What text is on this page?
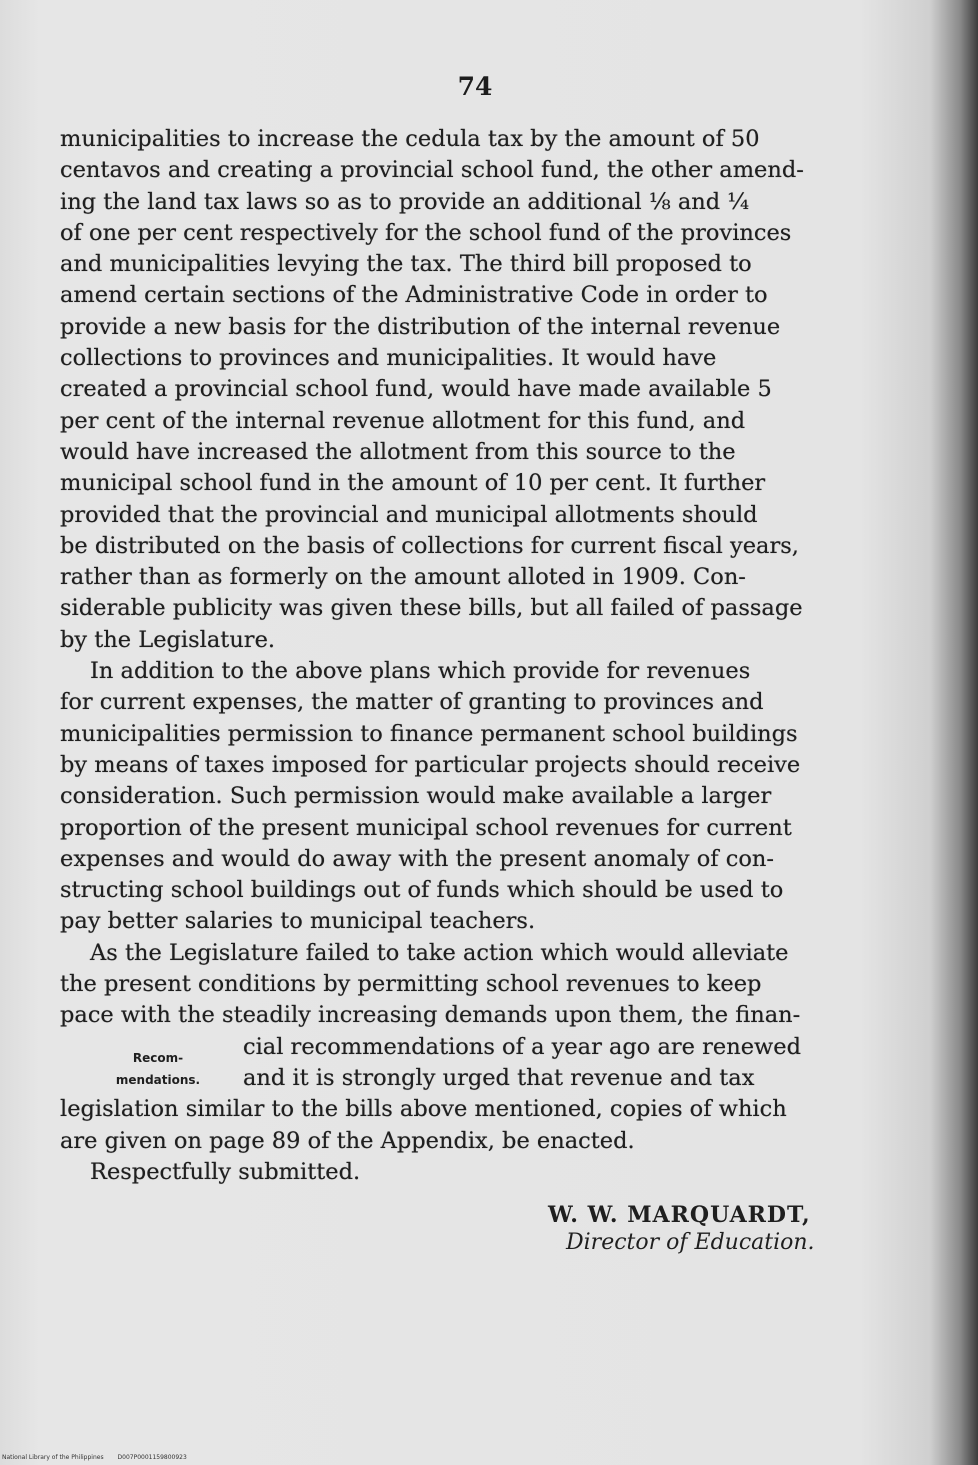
74

municipalities to increase the cedula tax by the amount of 50
centavos and creating a provincial school fund, the other amend-
ing the land tax laws so as to provide an additional ⅛ and ¼
of one per cent respectively for the school fund of the provinces
and municipalities levying the tax. The third bill proposed to
amend certain sections of the Administrative Code in order to
provide a new basis for the distribution of the internal revenue
collections to provinces and municipalities. It would have
created a provincial school fund, would have made available 5
per cent of the internal revenue allotment for this fund, and
would have increased the allotment from this source to the
municipal school fund in the amount of 10 per cent. It further
provided that the provincial and municipal allotments should
be distributed on the basis of collections for current fiscal years,
rather than as formerly on the amount alloted in 1909. Con-
siderable publicity was given these bills, but all failed of passage
by the Legislature.

In addition to the above plans which provide for revenues
for current expenses, the matter of granting to provinces and
municipalities permission to finance permanent school buildings
by means of taxes imposed for particular projects should receive
consideration. Such permission would make available a larger
proportion of the present municipal school revenues for current
expenses and would do away with the present anomaly of con-
structing school buildings out of funds which should be used to
pay better salaries to municipal teachers.

As the Legislature failed to take action which would alleviate
the present conditions by permitting school revenues to keep
pace with the steadily increasing demands upon them, the finan-
cial recommendations of a year ago are renewed
and it is strongly urged that revenue and tax
legislation similar to the bills above mentioned, copies of which
are given on page 89 of the Appendix, be enacted.

Respectfully submitted.
Recom-
mendations.
W. W. MARQUARDT,
Director of Education.
National Library of the Philippines D007P0001159800923
